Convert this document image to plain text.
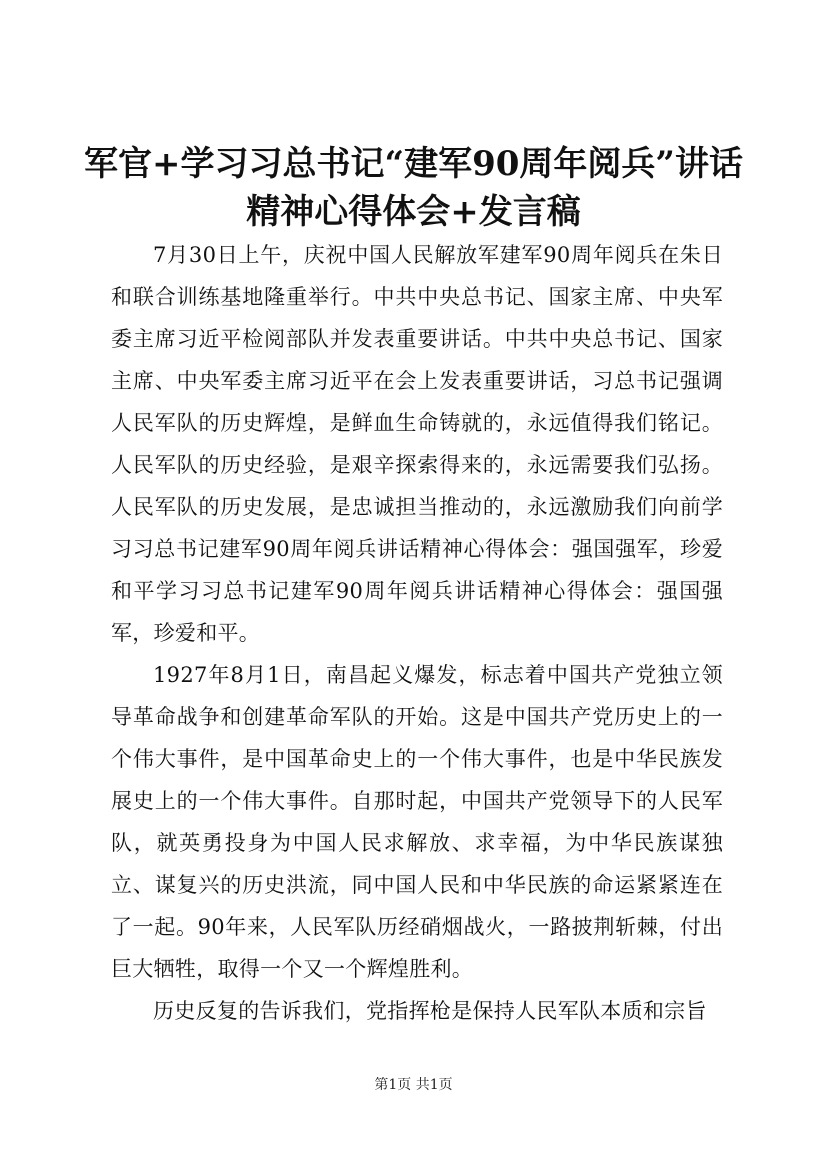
军官+学习习总书记“建军90周年阅兵”讲话
精神心得体会+发言稿

7月30日上午，庆祝中国人民解放军建军90周年阅兵在朱日和联合训练基地隆重举行。中共中央总书记、国家主席、中央军委主席习近平检阅部队并发表重要讲话。中共中央总书记、国家主席、中央军委主席习近平在会上发表重要讲话，习总书记强调人民军队的历史辉煌，是鲜血生命铸就的，永远值得我们铭记。人民军队的历史经验，是艰辛探索得来的，永远需要我们弘扬。人民军队的历史发展，是忠诚担当推动的，永远激励我们向前学习习总书记建军90周年阅兵讲话精神心得体会：强国强军，珍爱和平学习习总书记建军90周年阅兵讲话精神心得体会：强国强军，珍爱和平。

1927年8月1日，南昌起义爆发，标志着中国共产党独立领导革命战争和创建革命军队的开始。这是中国共产党历史上的一个伟大事件，是中国革命史上的一个伟大事件，也是中华民族发展史上的一个伟大事件。自那时起，中国共产党领导下的人民军队，就英勇投身为中国人民求解放、求幸福，为中华民族谋独立、谋复兴的历史洪流，同中国人民和中华民族的命运紧紧连在了一起。90年来，人民军队历经硝烟战火，一路披荆斩棘，付出巨大牺牲，取得一个又一个辉煌胜利。

历史反复的告诉我们，党指挥枪是保持人民军队本质和宗旨

第1页 共1页
